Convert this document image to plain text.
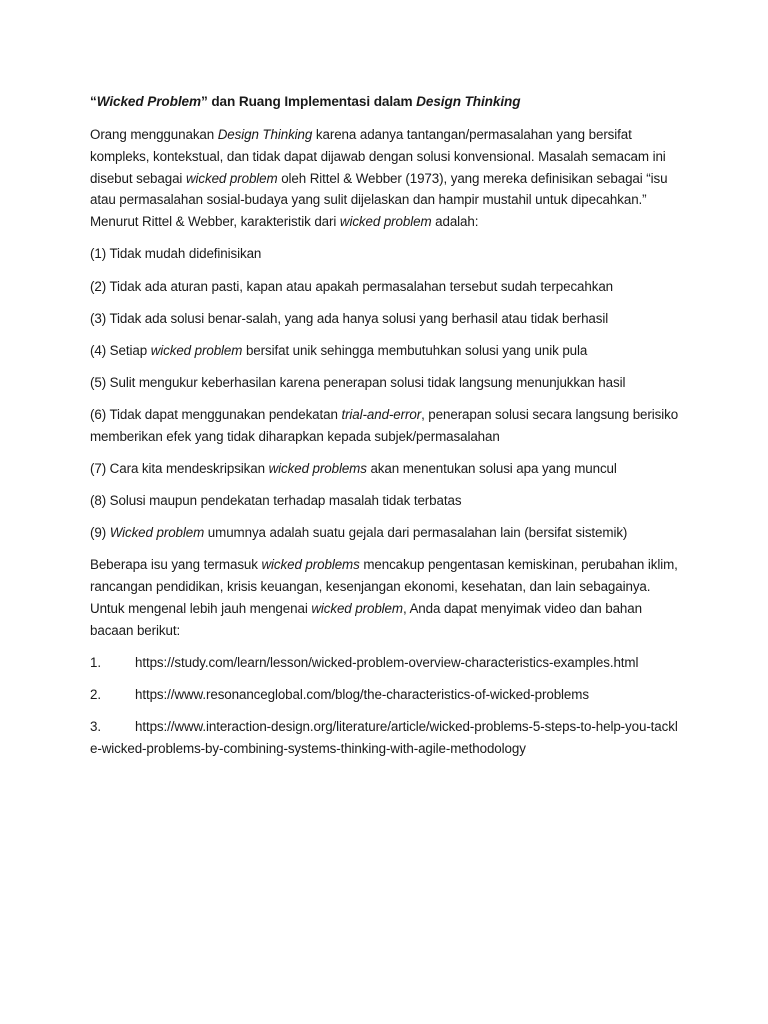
“Wicked Problem” dan Ruang Implementasi dalam Design Thinking

Orang menggunakan Design Thinking karena adanya tantangan/permasalahan yang bersifat kompleks, kontekstual, dan tidak dapat dijawab dengan solusi konvensional. Masalah semacam ini disebut sebagai wicked problem oleh Rittel & Webber (1973), yang mereka definisikan sebagai “isu atau permasalahan sosial-budaya yang sulit dijelaskan dan hampir mustahil untuk dipecahkan.” Menurut Rittel & Webber, karakteristik dari wicked problem adalah:

(1) Tidak mudah didefinisikan

(2) Tidak ada aturan pasti, kapan atau apakah permasalahan tersebut sudah terpecahkan

(3) Tidak ada solusi benar-salah, yang ada hanya solusi yang berhasil atau tidak berhasil

(4) Setiap wicked problem bersifat unik sehingga membutuhkan solusi yang unik pula

(5) Sulit mengukur keberhasilan karena penerapan solusi tidak langsung menunjukkan hasil

(6) Tidak dapat menggunakan pendekatan trial-and-error, penerapan solusi secara langsung berisiko memberikan efek yang tidak diharapkan kepada subjek/permasalahan

(7) Cara kita mendeskripsikan wicked problems akan menentukan solusi apa yang muncul

(8) Solusi maupun pendekatan terhadap masalah tidak terbatas

(9) Wicked problem umumnya adalah suatu gejala dari permasalahan lain (bersifat sistemik)

Beberapa isu yang termasuk wicked problems mencakup pengentasan kemiskinan, perubahan iklim, rancangan pendidikan, krisis keuangan, kesenjangan ekonomi, kesehatan, dan lain sebagainya. Untuk mengenal lebih jauh mengenai wicked problem, Anda dapat menyimak video dan bahan bacaan berikut:

1.	https://study.com/learn/lesson/wicked-problem-overview-characteristics-examples.html
2.	https://www.resonanceglobal.com/blog/the-characteristics-of-wicked-problems
3.	https://www.interaction-design.org/literature/article/wicked-problems-5-steps-to-help-you-tackle-wicked-problems-by-combining-systems-thinking-with-agile-methodology
